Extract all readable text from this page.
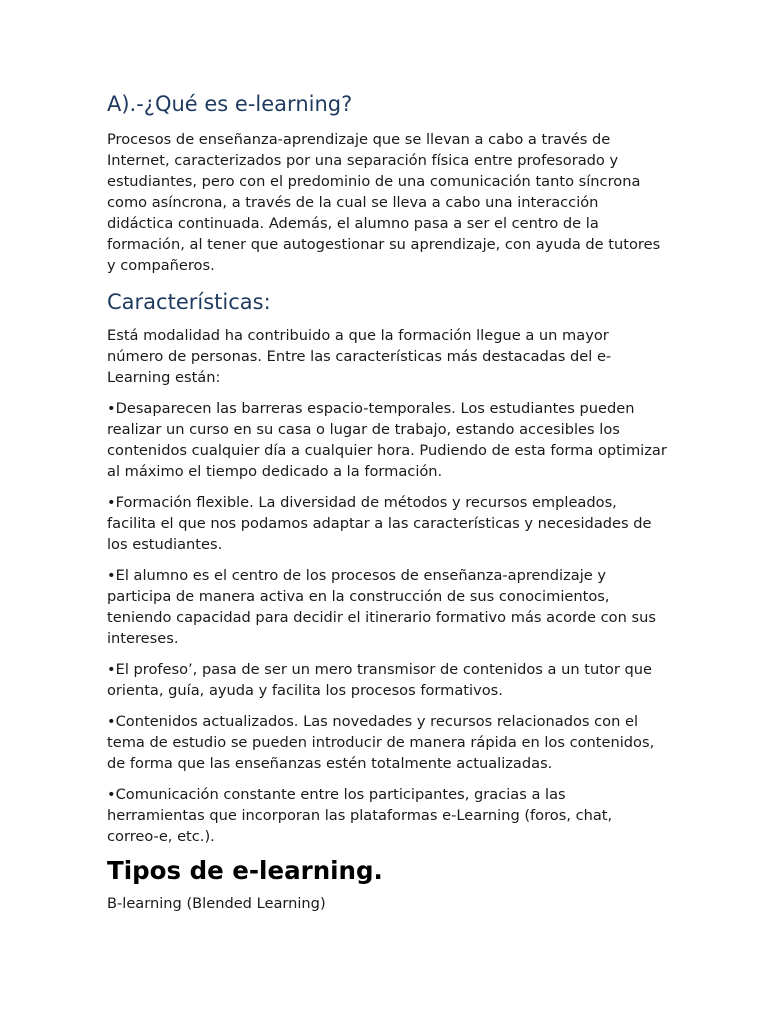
A).-¿Qué es e-learning?

Procesos de enseñanza-aprendizaje que se llevan a cabo a través de Internet, caracterizados por una separación física entre profesorado y estudiantes, pero con el predominio de una comunicación tanto síncrona como asíncrona, a través de la cual se lleva a cabo una interacción didáctica continuada. Además, el alumno pasa a ser el centro de la formación, al tener que autogestionar su aprendizaje, con ayuda de tutores y compañeros.

Características:

Está modalidad ha contribuido a que la formación llegue a un mayor número de personas. Entre las características más destacadas del e-Learning están:

•Desaparecen las barreras espacio-temporales. Los estudiantes pueden realizar un curso en su casa o lugar de trabajo, estando accesibles los contenidos cualquier día a cualquier hora. Pudiendo de esta forma optimizar al máximo el tiempo dedicado a la formación.

•Formación flexible. La diversidad de métodos y recursos empleados, facilita el que nos podamos adaptar a las características y necesidades de los estudiantes.

•El alumno es el centro de los procesos de enseñanza-aprendizaje y participa de manera activa en la construcción de sus conocimientos, teniendo capacidad para decidir el itinerario formativo más acorde con sus intereses.

•El profeso’, pasa de ser un mero transmisor de contenidos a un tutor que orienta, guía, ayuda y facilita los procesos formativos.

•Contenidos actualizados. Las novedades y recursos relacionados con el tema de estudio se pueden introducir de manera rápida en los contenidos, de forma que las enseñanzas estén totalmente actualizadas.

•Comunicación constante entre los participantes, gracias a las herramientas que incorporan las plataformas e-Learning (foros, chat, correo-e, etc.).

Tipos de e-learning.

B-learning (Blended Learning)
